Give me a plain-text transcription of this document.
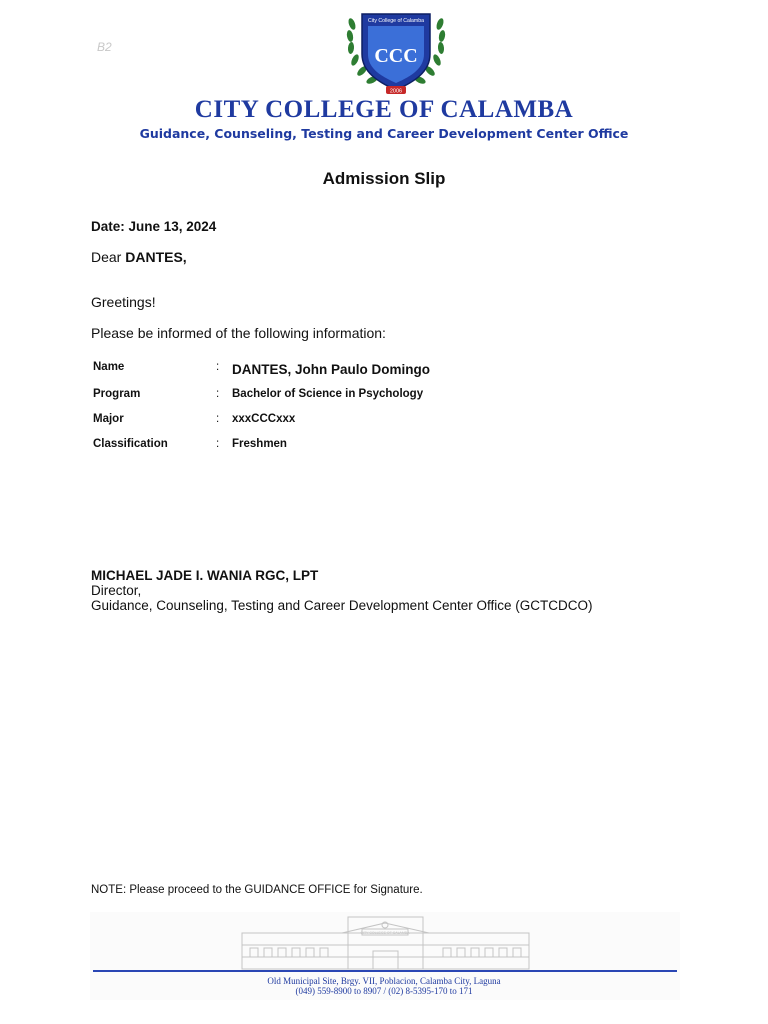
B2
City College of Calamba
CCC
2006
CITY COLLEGE OF CALAMBA
Guidance, Counseling, Testing and Career Development Center Office
Admission Slip
Date: June 13, 2024
Dear DANTES,
Greetings!
Please be informed of the following information:
Name	: DANTES, John Paulo Domingo
Program	: Bachelor of Science in Psychology
Major	: xxxCCCxxx
Classification	: Freshmen
MICHAEL JADE I. WANIA RGC, LPT
Director,
Guidance, Counseling, Testing and Career Development Center Office (GCTCDCO)
NOTE: Please proceed to the GUIDANCE OFFICE for Signature.
CITY COLLEGE OF CALAMBA
Old Municipal Site, Brgy. VII, Poblacion, Calamba City, Laguna
(049) 559-8900 to 8907 / (02) 8-5395-170 to 171
